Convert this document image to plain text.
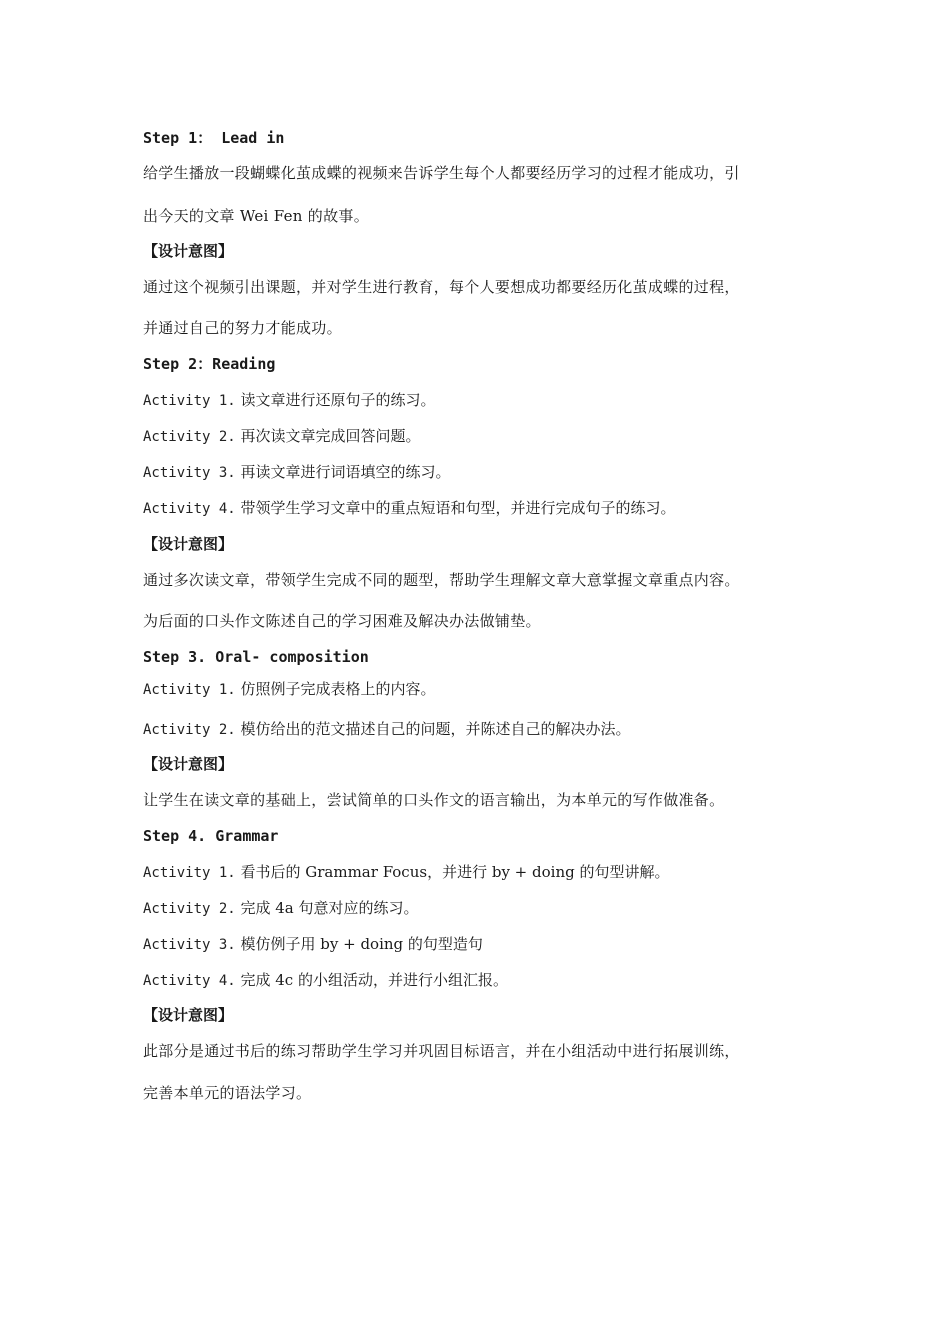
Step 1： Lead in
给学生播放一段蝴蝶化茧成蝶的视频来告诉学生每个人都要经历学习的过程才能成功，引
出今天的文章 Wei Fen 的故事。
【设计意图】
通过这个视频引出课题，并对学生进行教育，每个人要想成功都要经历化茧成蝶的过程，
并通过自己的努力才能成功。
Step 2：Reading
Activity 1. 读文章进行还原句子的练习。
Activity 2. 再次读文章完成回答问题。
Activity 3. 再读文章进行词语填空的练习。
Activity 4. 带领学生学习文章中的重点短语和句型，并进行完成句子的练习。
【设计意图】
通过多次读文章，带领学生完成不同的题型，帮助学生理解文章大意掌握文章重点内容。
为后面的口头作文陈述自己的学习困难及解决办法做铺垫。
Step 3. Oral- composition
Activity 1. 仿照例子完成表格上的内容。
Activity 2. 模仿给出的范文描述自己的问题，并陈述自己的解决办法。
【设计意图】
让学生在读文章的基础上，尝试简单的口头作文的语言输出，为本单元的写作做准备。
Step 4. Grammar
Activity 1. 看书后的 Grammar Focus，并进行 by + doing 的句型讲解。
Activity 2. 完成 4a 句意对应的练习。
Activity 3. 模仿例子用 by + doing 的句型造句
Activity 4. 完成 4c 的小组活动，并进行小组汇报。
【设计意图】
此部分是通过书后的练习帮助学生学习并巩固目标语言，并在小组活动中进行拓展训练，
完善本单元的语法学习。
